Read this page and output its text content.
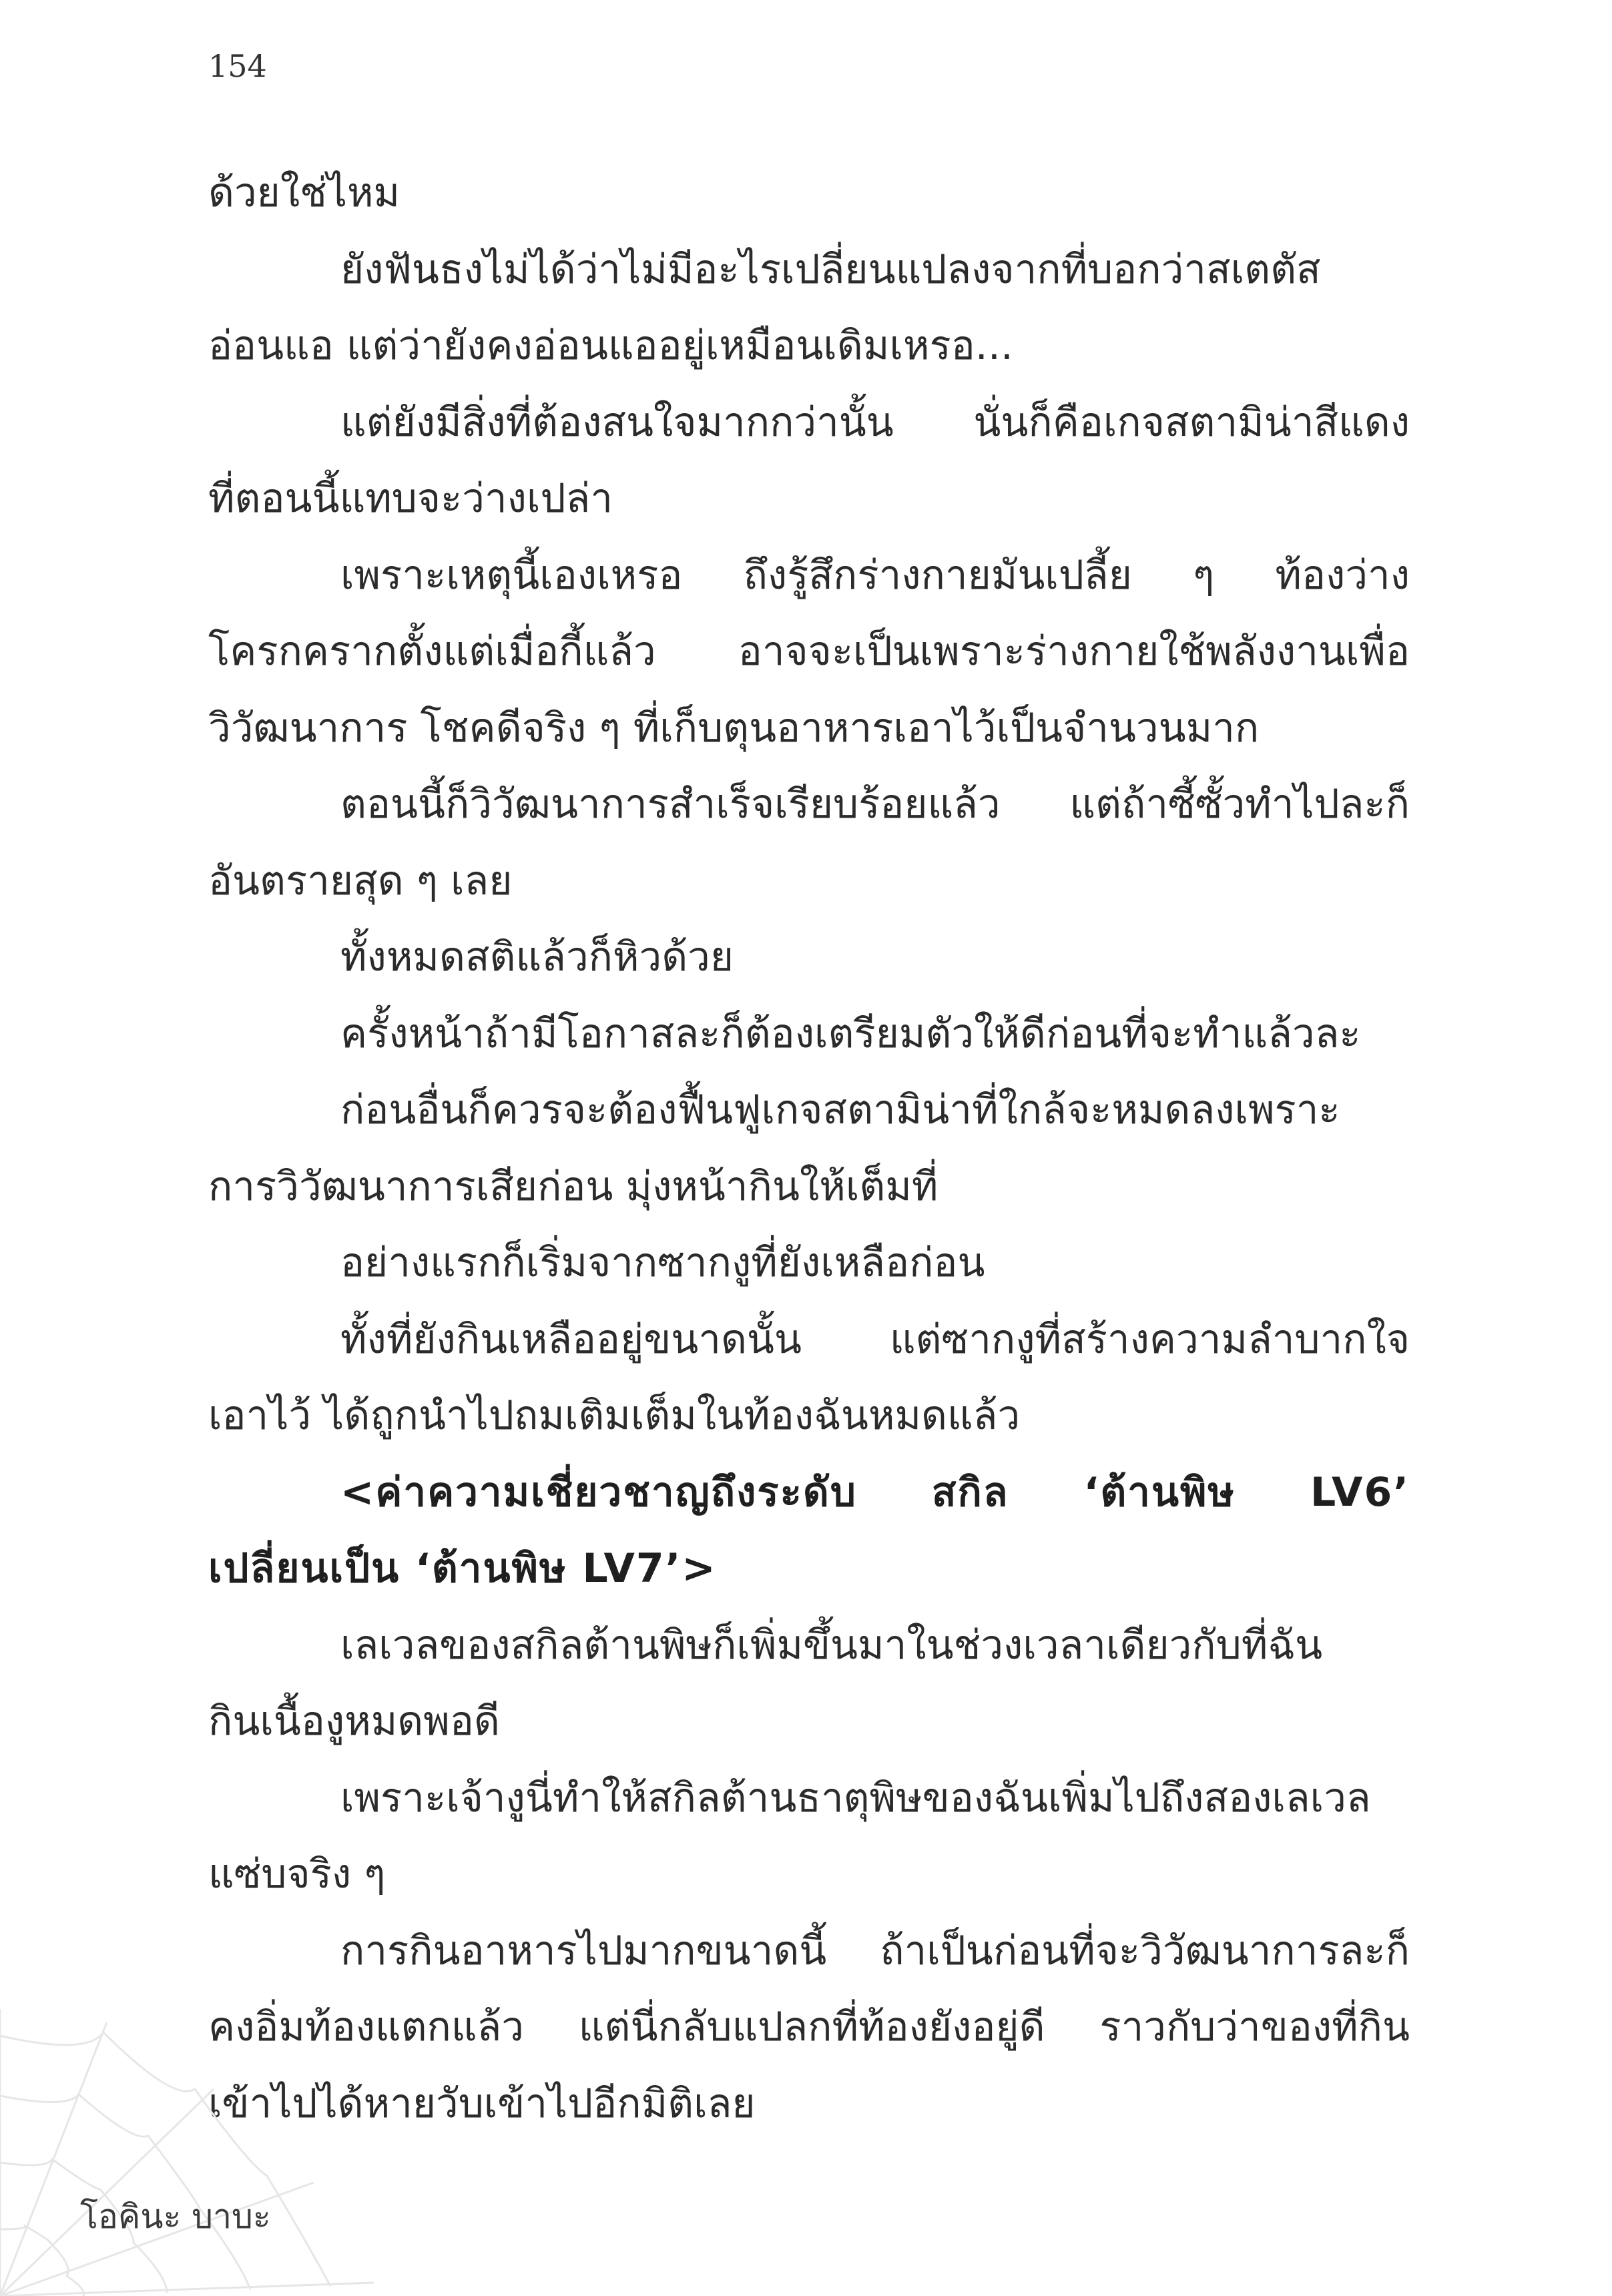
154
ด้วยใช่ไหม
ยังฟันธงไม่ได้ว่าไม่มีอะไรเปลี่ยนแปลงจากที่บอกว่าสเตตัส
อ่อนแอ แต่ว่ายังคงอ่อนแออยู่เหมือนเดิมเหรอ...
แต่ยังมีสิ่งที่ต้องสนใจมากกว่านั้น นั่นก็คือเกจสตามิน่าสีแดง
ที่ตอนนี้แทบจะว่างเปล่า
เพราะเหตุนี้เองเหรอ ถึงรู้สึกร่างกายมันเปลี้ย ๆ ท้องว่าง
โครกครากตั้งแต่เมื่อกี้แล้ว อาจจะเป็นเพราะร่างกายใช้พลังงานเพื่อ
วิวัฒนาการ โชคดีจริง ๆ ที่เก็บตุนอาหารเอาไว้เป็นจำนวนมาก
ตอนนี้ก็วิวัฒนาการสำเร็จเรียบร้อยแล้ว แต่ถ้าซี้ซั้วทำไปละก็
อันตรายสุด ๆ เลย
ทั้งหมดสติแล้วก็หิวด้วย
ครั้งหน้าถ้ามีโอกาสละก็ต้องเตรียมตัวให้ดีก่อนที่จะทำแล้วละ
ก่อนอื่นก็ควรจะต้องฟื้นฟูเกจสตามิน่าที่ใกล้จะหมดลงเพราะ
การวิวัฒนาการเสียก่อน มุ่งหน้ากินให้เต็มที่
อย่างแรกก็เริ่มจากซากงูที่ยังเหลือก่อน
ทั้งที่ยังกินเหลืออยู่ขนาดนั้น แต่ซากงูที่สร้างความลำบากใจ
เอาไว้ ได้ถูกนำไปถมเติมเต็มในท้องฉันหมดแล้ว
<ค่าความเชี่ยวชาญถึงระดับ สกิล ‘ต้านพิษ LV6’
เปลี่ยนเป็น ‘ต้านพิษ LV7’>
เลเวลของสกิลต้านพิษก็เพิ่มขึ้นมาในช่วงเวลาเดียวกับที่ฉัน
กินเนื้องูหมดพอดี
เพราะเจ้างูนี่ทำให้สกิลต้านธาตุพิษของฉันเพิ่มไปถึงสองเลเวล
แซ่บจริง ๆ
การกินอาหารไปมากขนาดนี้ ถ้าเป็นก่อนที่จะวิวัฒนาการละก็
คงอิ่มท้องแตกแล้ว แต่นี่กลับแปลกที่ท้องยังอยู่ดี ราวกับว่าของที่กิน
เข้าไปได้หายวับเข้าไปอีกมิติเลย
โอคินะ บาบะ
